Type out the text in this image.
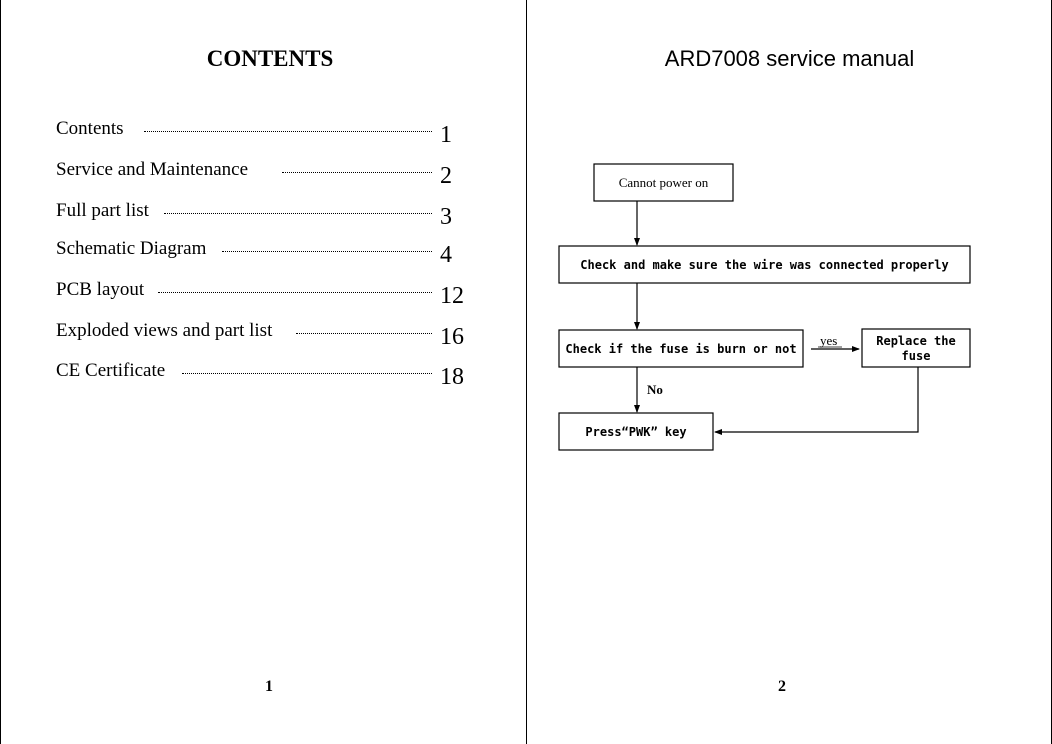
CONTENTS
Contents	1
Service and Maintenance	2
Full part list	3
Schematic Diagram	4
PCB layout	12
Exploded views and part list	16
CE Certificate	18
1
ARD7008 service manual
Cannot power on
Check and make sure the wire was connected properly
Check if the fuse is burn or not
yes	Replace the
fuse
No
Press“PWK” key
2
